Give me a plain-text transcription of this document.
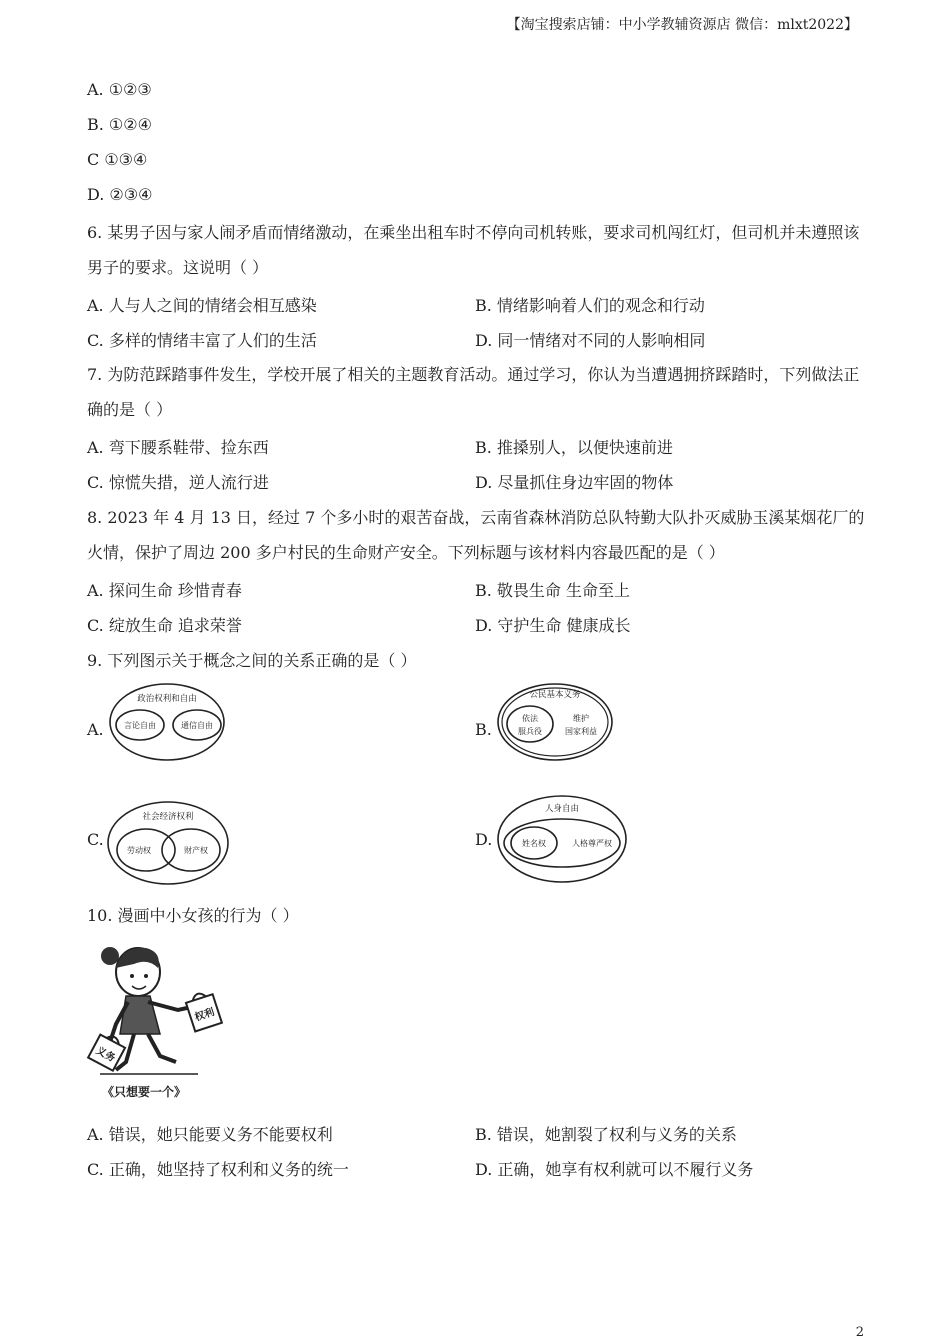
【淘宝搜索店铺：中小学教辅资源店 微信：mlxt2022】
A. ①②③
B. ①②④
C ①③④
D. ②③④
6. 某男子因与家人闹矛盾而情绪激动，在乘坐出租车时不停向司机转账，要求司机闯红灯，但司机并未遵照该男子的要求。这说明（ ）
A. 人与人之间的情绪会相互感染	B. 情绪影响着人们的观念和行动
C. 多样的情绪丰富了人们的生活	D. 同一情绪对不同的人影响相同
7. 为防范踩踏事件发生，学校开展了相关的主题教育活动。通过学习，你认为当遭遇拥挤踩踏时，下列做法正确的是（ ）
A. 弯下腰系鞋带、捡东西	B. 推搡别人，以便快速前进
C. 惊慌失措，逆人流行进	D. 尽量抓住身边牢固的物体
8. 2023 年 4 月 13 日，经过 7 个多小时的艰苦奋战，云南省森林消防总队特勤大队扑灭威胁玉溪某烟花厂的火情，保护了周边 200 多户村民的生命财产安全。下列标题与该材料内容最匹配的是（ ）
A. 探问生命 珍惜青春	B. 敬畏生命 生命至上
C. 绽放生命 追求荣誉	D. 守护生命 健康成长
9. 下列图示关于概念之间的关系正确的是（ ）
A.
政治权利和自由
言论自由	通信自由	B.
公民基本义务
依法
服兵役
维护
国家利益
C.
社会经济权利
劳动权	财产权
D.
人身自由
人格尊严权
姓名权
10. 漫画中小女孩的行为（ ）
权利
义务
《只想要一个》
A. 错误，她只能要义务不能要权利	B. 错误，她割裂了权利与义务的关系
C. 正确，她坚持了权利和义务的统一	D. 正确，她享有权利就可以不履行义务
2
